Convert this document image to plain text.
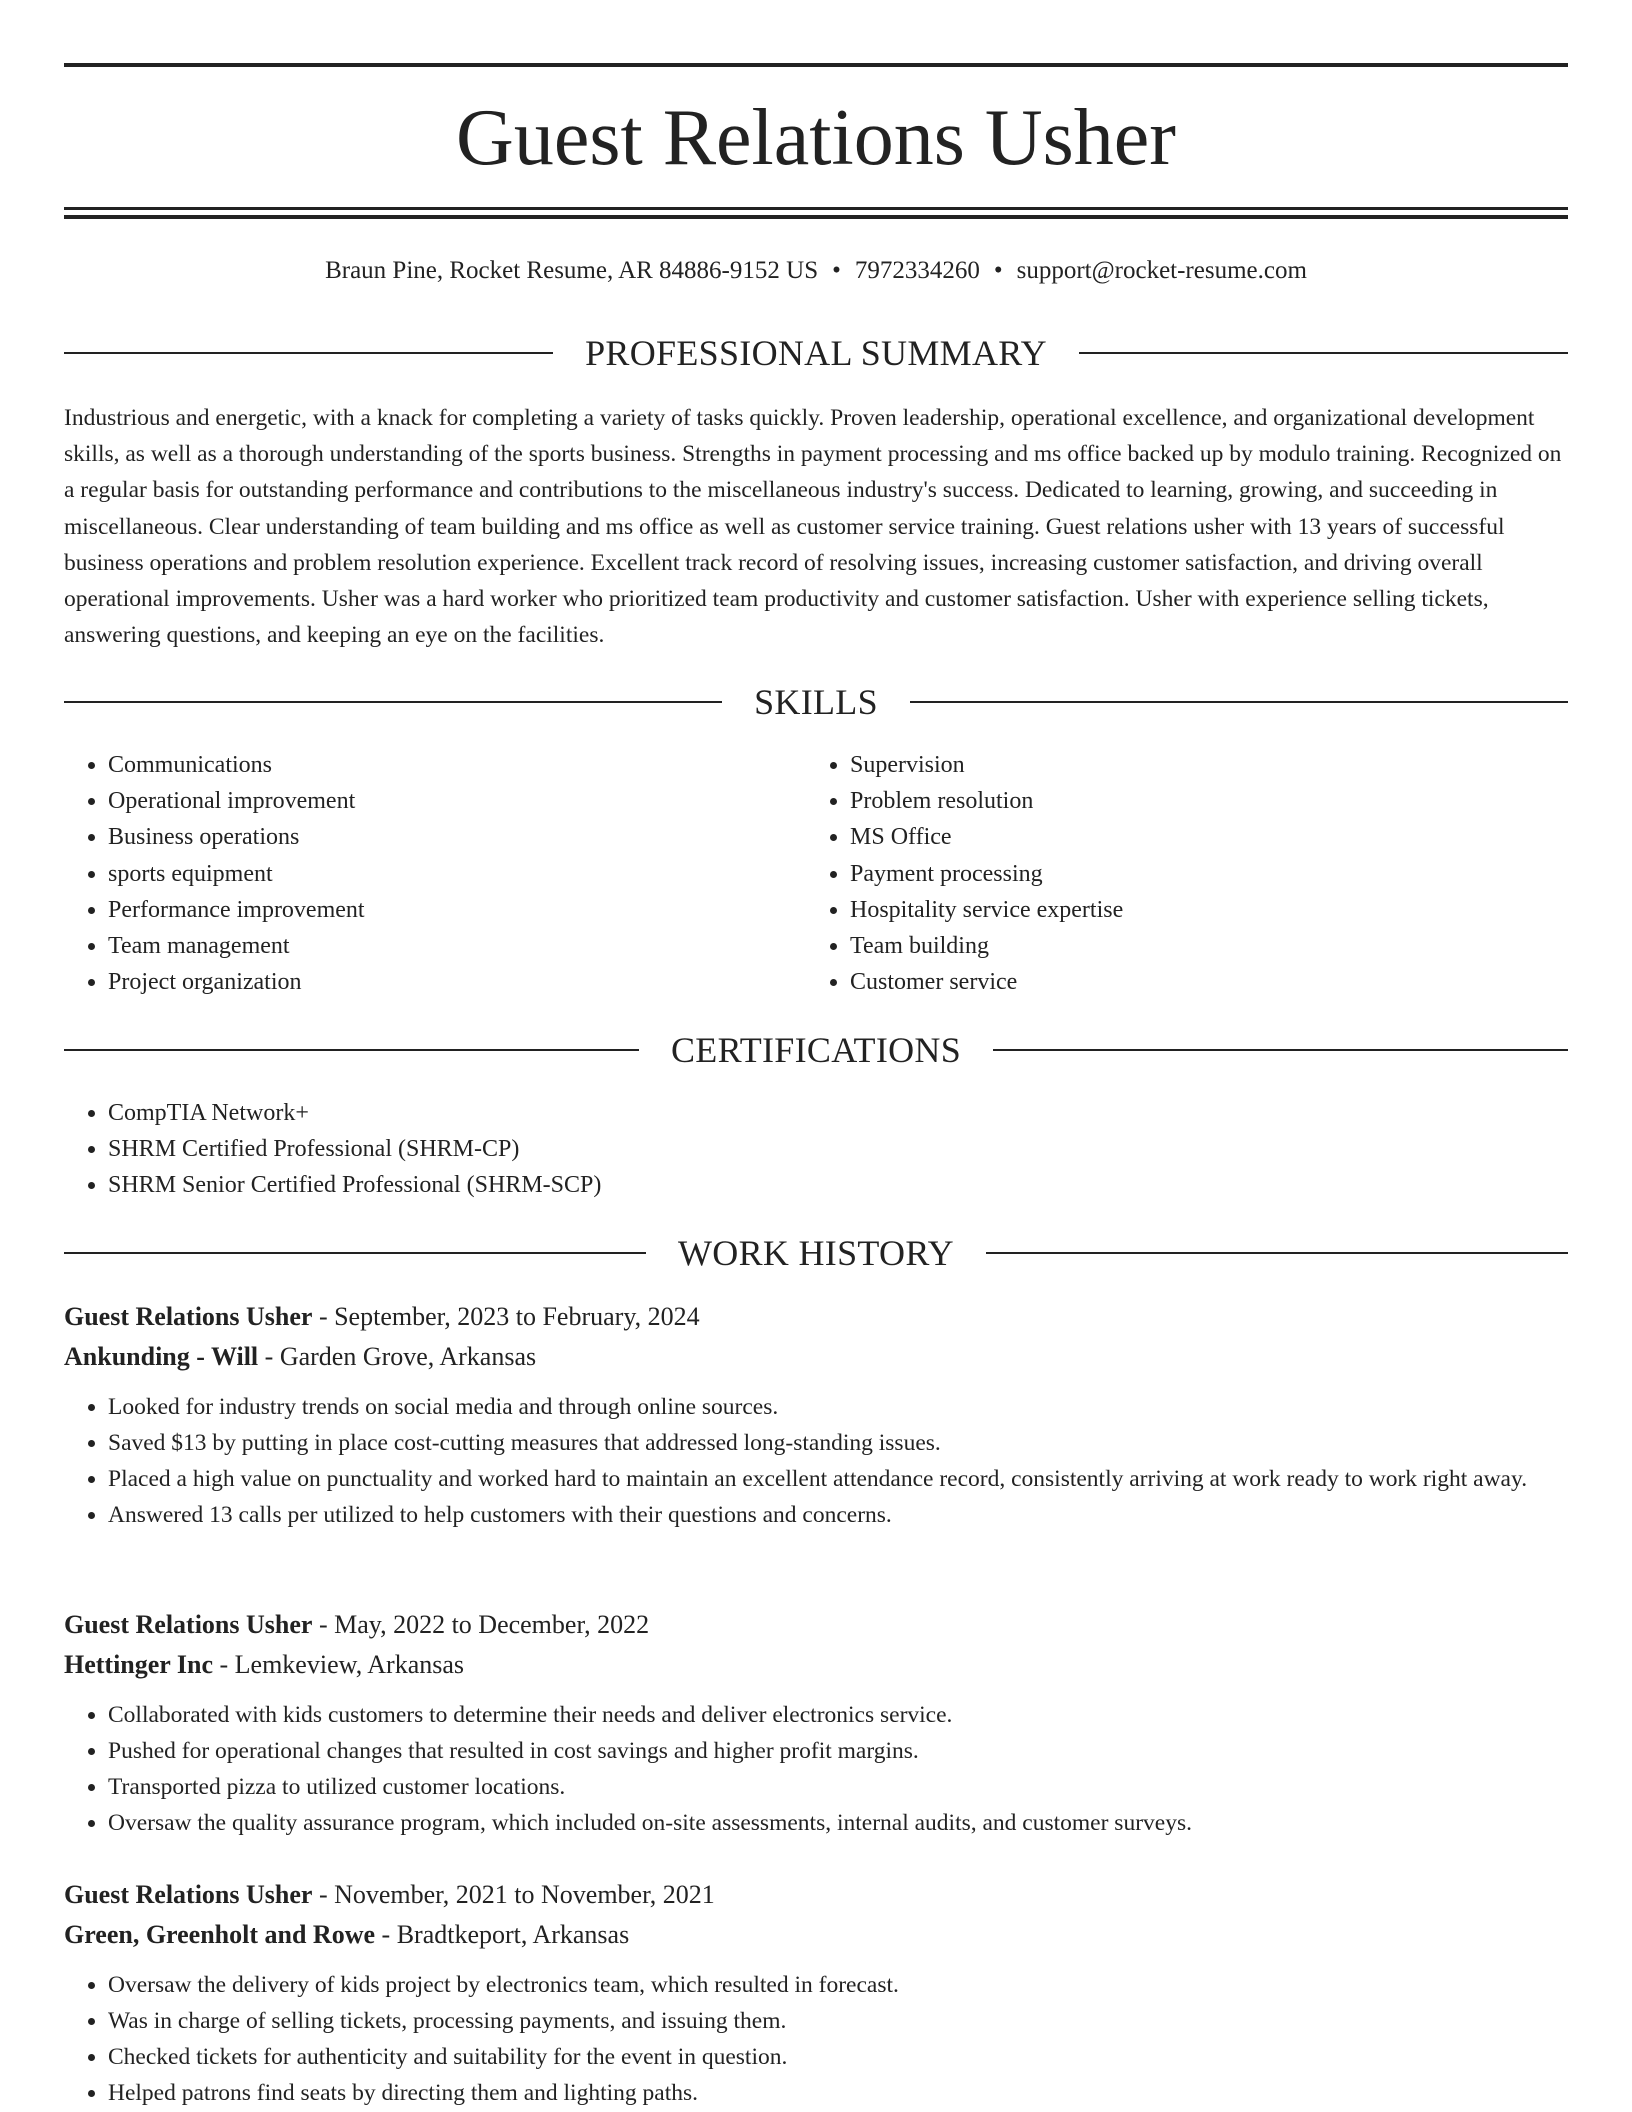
Guest Relations Usher
Braun Pine, Rocket Resume, AR 84886-9152 US • 7972334260 • support@rocket-resume.com
PROFESSIONAL SUMMARY

Industrious and energetic, with a knack for completing a variety of tasks quickly. Proven leadership, operational excellence, and organizational development skills, as well as a thorough understanding of the sports business. Strengths in payment processing and ms office backed up by modulo training. Recognized on a regular basis for outstanding performance and contributions to the miscellaneous industry's success. Dedicated to learning, growing, and succeeding in miscellaneous. Clear understanding of team building and ms office as well as customer service training. Guest relations usher with 13 years of successful business operations and problem resolution experience. Excellent track record of resolving issues, increasing customer satisfaction, and driving overall operational improvements. Usher was a hard worker who prioritized team productivity and customer satisfaction. Usher with experience selling tickets, answering questions, and keeping an eye on the facilities.

SKILLS
• Communications
• Operational improvement
• Business operations
• sports equipment
• Performance improvement
• Team management
• Project organization
• Supervision
• Problem resolution
• MS Office
• Payment processing
• Hospitality service expertise
• Team building
• Customer service
CERTIFICATIONS
• CompTIA Network+
• SHRM Certified Professional (SHRM-CP)
• SHRM Senior Certified Professional (SHRM-SCP)
WORK HISTORY
Guest Relations Usher - September, 2023 to February, 2024
Ankunding - Will - Garden Grove, Arkansas
• Looked for industry trends on social media and through online sources.
• Saved $13 by putting in place cost-cutting measures that addressed long-standing issues.
• Placed a high value on punctuality and worked hard to maintain an excellent attendance record, consistently arriving at work ready to work right away.
• Answered 13 calls per utilized to help customers with their questions and concerns.
Guest Relations Usher - May, 2022 to December, 2022
Hettinger Inc - Lemkeview, Arkansas
• Collaborated with kids customers to determine their needs and deliver electronics service.
• Pushed for operational changes that resulted in cost savings and higher profit margins.
• Transported pizza to utilized customer locations.
• Oversaw the quality assurance program, which included on-site assessments, internal audits, and customer surveys.
Guest Relations Usher - November, 2021 to November, 2021
Green, Greenholt and Rowe - Bradtkeport, Arkansas
• Oversaw the delivery of kids project by electronics team, which resulted in forecast.
• Was in charge of selling tickets, processing payments, and issuing them.
• Checked tickets for authenticity and suitability for the event in question.
• Helped patrons find seats by directing them and lighting paths.
